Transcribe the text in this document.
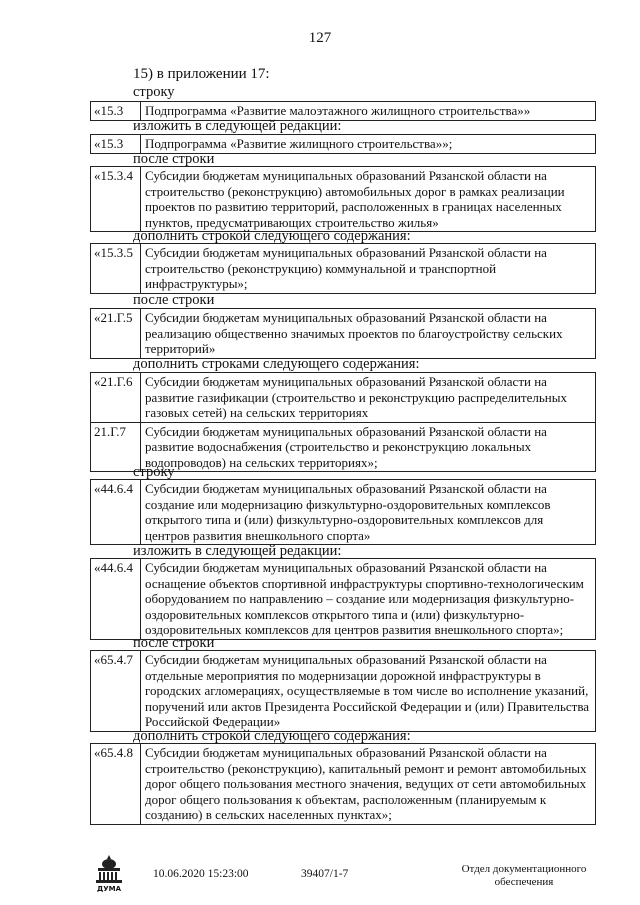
127
15) в приложении 17:
строку
«15.3	Подпрограмма «Развитие малоэтажного жилищного строительства»»
изложить в следующей редакции:
«15.3	Подпрограмма «Развитие жилищного строительства»»;
после строки
«15.3.4 Субсидии бюджетам муниципальных образований Рязанской области на строительство (реконструкцию) автомобильных дорог в рамках реализации проектов по развитию территорий, расположенных в границах населенных пунктов, предусматривающих строительство жилья»
дополнить строкой следующего содержания:
«15.3.5 Субсидии бюджетам муниципальных образований Рязанской области на строительство (реконструкцию) коммунальной и транспортной инфраструктуры»;
после строки
«21.Г.5 Субсидии бюджетам муниципальных образований Рязанской области на реализацию общественно значимых проектов по благоустройству сельских территорий»
дополнить строками следующего содержания:
«21.Г.6 Субсидии бюджетам муниципальных образований Рязанской области на развитие газификации (строительство и реконструкцию распределительных газовых сетей) на сельских территориях
21.Г.7	Субсидии бюджетам муниципальных образований Рязанской области на развитие водоснабжения (строительство и реконструкцию локальных водопроводов) на сельских территориях»;
строку
«44.6.4 Субсидии бюджетам муниципальных образований Рязанской области на создание или модернизацию физкультурно-оздоровительных комплексов открытого типа и (или) физкультурно-оздоровительных комплексов для центров развития внешкольного спорта»
изложить в следующей редакции:
«44.6.4 Субсидии бюджетам муниципальных образований Рязанской области на оснащение объектов спортивной инфраструктуры спортивно-технологическим оборудованием по направлению – создание или модернизация физкультурно-оздоровительных комплексов открытого типа и (или) физкультурно-оздоровительных комплексов для центров развития внешкольного спорта»;
после строки
«65.4.7 Субсидии бюджетам муниципальных образований Рязанской области на отдельные мероприятия по модернизации дорожной инфраструктуры в городских агломерациях, осуществляемые в том числе во исполнение указаний, поручений или актов Президента Российской Федерации и (или) Правительства Российской Федерации»
дополнить строкой следующего содержания:
«65.4.8 Субсидии бюджетам муниципальных образований Рязанской области на строительство (реконструкцию), капитальный ремонт и ремонт автомобильных дорог общего пользования местного значения, ведущих от сети автомобильных дорог общего пользования к объектам, расположенным (планируемым к созданию) в сельских населенных пунктах»;
ДУМА
10.06.2020 15:23:00	39407/1-7	Отдел документационного
обеспечения
